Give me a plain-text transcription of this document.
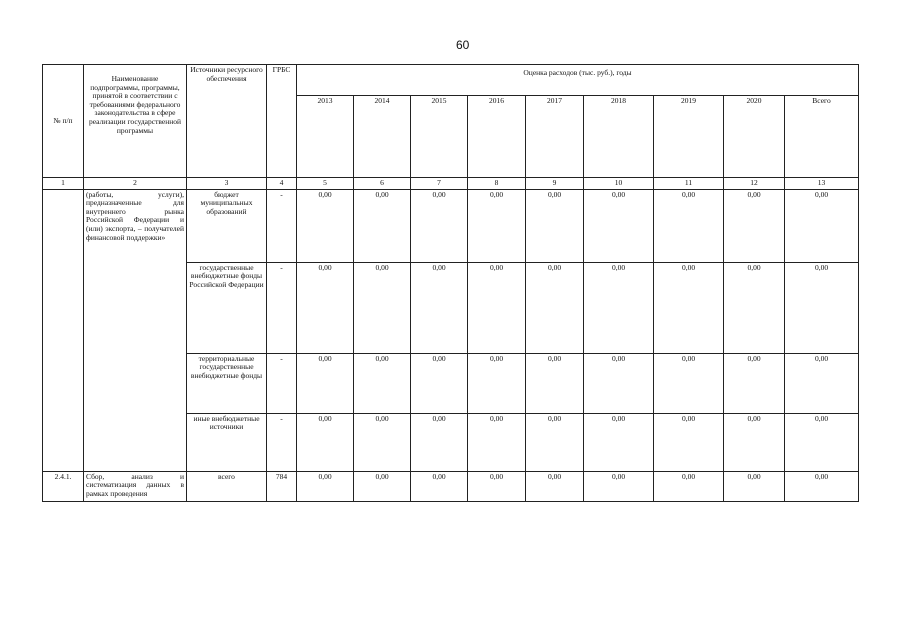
60
№ п/п	Наименование подпрограммы, программы, принятой в соответствии с требованиями федерального законодательства в сфере реализации государственной программы	Источники ресурсного обеспечения	ГРБС	Оценка расходов (тыс. руб.), годы								
				2013	2014	2015	2016	2017	2018	2019	2020	Всего
1	2	3	4	5	6	7	8	9	10	11	12	13
	(работы, услуги), предназначенные для внутреннего рынка Российской Федерации и (или) экспорта, – получателей финансовой поддержки»	бюджет муниципальных образований	-	0,00	0,00	0,00	0,00	0,00	0,00	0,00	0,00	0,00
		государственные внебюджетные фонды Российской Федерации	-	0,00	0,00	0,00	0,00	0,00	0,00	0,00	0,00	0,00
		территориальные государственные внебюджетные фонды	-	0,00	0,00	0,00	0,00	0,00	0,00	0,00	0,00	0,00
		иные внебюджетные источники	-	0,00	0,00	0,00	0,00	0,00	0,00	0,00	0,00	0,00
2.4.1.	Сбор, анализ и систематизация данных в рамках проведения	всего	784	0,00	0,00	0,00	0,00	0,00	0,00	0,00	0,00	0,00
